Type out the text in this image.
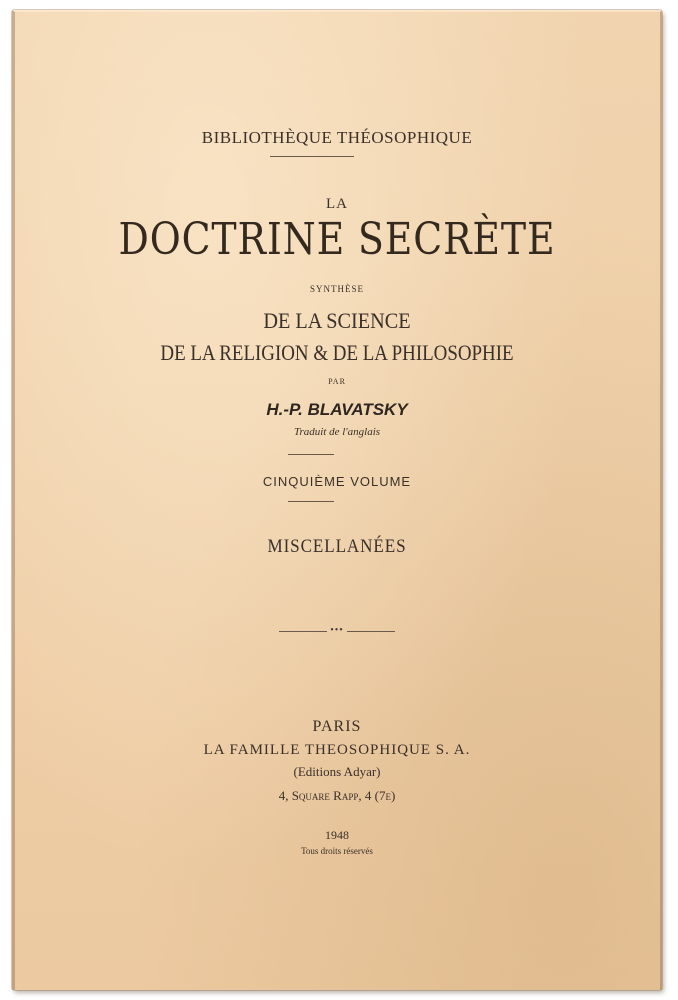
BIBLIOTHÈQUE THÉOSOPHIQUE
LA
DOCTRINE SECRÈTE
SYNTHÈSE
DE LA SCIENCE
DE LA RELIGION & DE LA PHILOSOPHIE
PAR
H.-P. BLAVATSKY
Traduit de l'anglais
CINQUIÈME VOLUME
MISCELLANÉES
•••
PARIS
LA FAMILLE THEOSOPHIQUE S. A.
(Editions Adyar)
4, Square Rapp, 4 (7e)
1948
Tous droits réservés
